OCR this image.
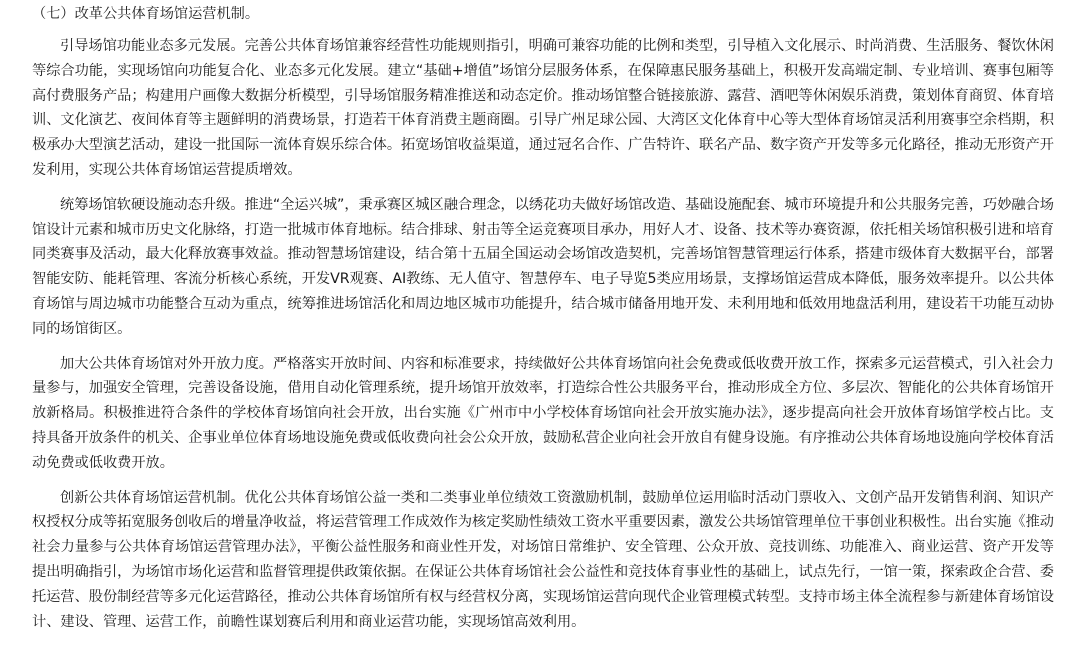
（七）改革公共体育场馆运营机制。

引导场馆功能业态多元发展。完善公共体育场馆兼容经营性功能规则指引，明确可兼容功能的比例和类型，引导植入文化展示、时尚消费、生活服务、餐饮休闲等综合功能，实现场馆向功能复合化、业态多元化发展。建立“基础+增值”场馆分层服务体系，在保障惠民服务基础上，积极开发高端定制、专业培训、赛事包厢等高付费服务产品；构建用户画像大数据分析模型，引导场馆服务精准推送和动态定价。推动场馆整合链接旅游、露营、酒吧等休闲娱乐消费，策划体育商贸、体育培训、文化演艺、夜间体育等主题鲜明的消费场景，打造若干体育消费主题商圈。引导广州足球公园、大湾区文化体育中心等大型体育场馆灵活利用赛事空余档期，积极承办大型演艺活动，建设一批国际一流体育娱乐综合体。拓宽场馆收益渠道，通过冠名合作、广告特许、联名产品、数字资产开发等多元化路径，推动无形资产开发利用，实现公共体育场馆运营提质增效。

统筹场馆软硬设施动态升级。推进“全运兴城”，秉承赛区城区融合理念，以绣花功夫做好场馆改造、基础设施配套、城市环境提升和公共服务完善，巧妙融合场馆设计元素和城市历史文化脉络，打造一批城市体育地标。结合排球、射击等全运竞赛项目承办，用好人才、设备、技术等办赛资源，依托相关场馆积极引进和培育同类赛事及活动，最大化释放赛事效益。推动智慧场馆建设，结合第十五届全国运动会场馆改造契机，完善场馆智慧管理运行体系，搭建市级体育大数据平台，部署智能安防、能耗管理、客流分析核心系统，开发VR观赛、AI教练、无人值守、智慧停车、电子导览5类应用场景，支撑场馆运营成本降低，服务效率提升。以公共体育场馆与周边城市功能整合互动为重点，统筹推进场馆活化和周边地区城市功能提升，结合城市储备用地开发、未利用地和低效用地盘活利用，建设若干功能互动协同的场馆街区。

加大公共体育场馆对外开放力度。严格落实开放时间、内容和标准要求，持续做好公共体育场馆向社会免费或低收费开放工作，探索多元运营模式，引入社会力量参与，加强安全管理，完善设备设施，借用自动化管理系统，提升场馆开放效率，打造综合性公共服务平台，推动形成全方位、多层次、智能化的公共体育场馆开放新格局。积极推进符合条件的学校体育场馆向社会开放，出台实施《广州市中小学校体育场馆向社会开放实施办法》，逐步提高向社会开放体育场馆学校占比。支持具备开放条件的机关、企事业单位体育场地设施免费或低收费向社会公众开放，鼓励私营企业向社会开放自有健身设施。有序推动公共体育场地设施向学校体育活动免费或低收费开放。

创新公共体育场馆运营机制。优化公共体育场馆公益一类和二类事业单位绩效工资激励机制，鼓励单位运用临时活动门票收入、文创产品开发销售利润、知识产权授权分成等拓宽服务创收后的增量净收益，将运营管理工作成效作为核定奖励性绩效工资水平重要因素，激发公共场馆管理单位干事创业积极性。出台实施《推动社会力量参与公共体育场馆运营管理办法》，平衡公益性服务和商业性开发，对场馆日常维护、安全管理、公众开放、竞技训练、功能准入、商业运营、资产开发等提出明确指引，为场馆市场化运营和监督管理提供政策依据。在保证公共体育场馆社会公益性和竞技体育事业性的基础上，试点先行，一馆一策，探索政企合营、委托运营、股份制经营等多元化运营路径，推动公共体育场馆所有权与经营权分离，实现场馆运营向现代企业管理模式转型。支持市场主体全流程参与新建体育场馆设计、建设、管理、运营工作，前瞻性谋划赛后利用和商业运营功能，实现场馆高效利用。
